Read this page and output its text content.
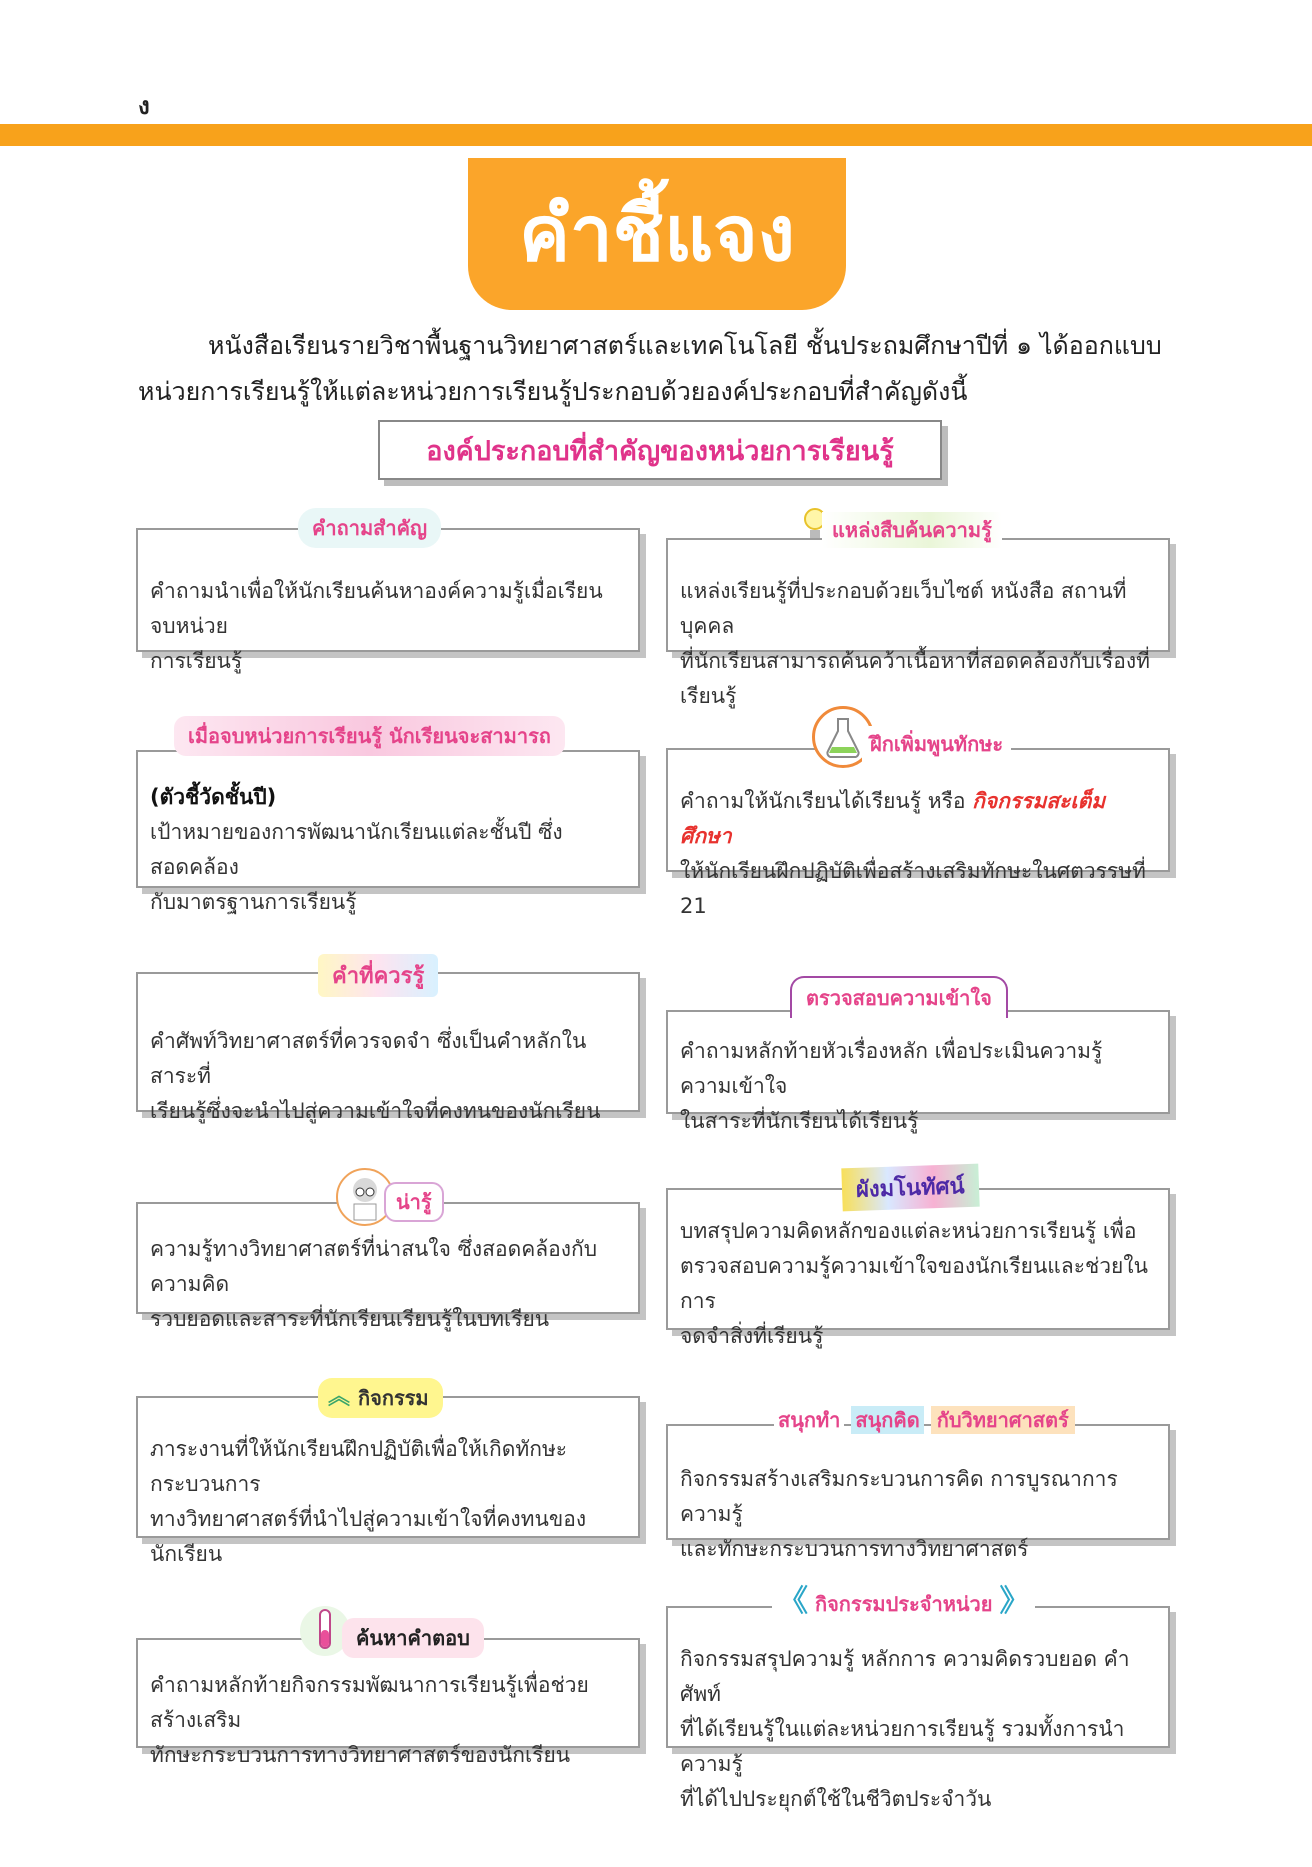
ง
คำชี้แจง
หนังสือเรียนรายวิชาพื้นฐานวิทยาศาสตร์และเทคโนโลยี ชั้นประถมศึกษาปีที่ ๑ ได้ออกแบบ
หน่วยการเรียนรู้ให้แต่ละหน่วยการเรียนรู้ประกอบด้วยองค์ประกอบที่สำคัญดังนี้
องค์ประกอบที่สำคัญของหน่วยการเรียนรู้
คำถามนำเพื่อให้นักเรียนค้นหาองค์ความรู้เมื่อเรียนจบหน่วย
การเรียนรู้
คำถามสำคัญ
(ตัวชี้วัดชั้นปี)
เป้าหมายของการพัฒนานักเรียนแต่ละชั้นปี ซึ่งสอดคล้อง
กับมาตรฐานการเรียนรู้
เมื่อจบหน่วยการเรียนรู้ นักเรียนจะสามารถ
คำศัพท์วิทยาศาสตร์ที่ควรจดจำ ซึ่งเป็นคำหลักในสาระที่
เรียนรู้ซึ่งจะนำไปสู่ความเข้าใจที่คงทนของนักเรียน
คำที่ควรรู้
ความรู้ทางวิทยาศาสตร์ที่น่าสนใจ ซึ่งสอดคล้องกับความคิด
รวบยอดและสาระที่นักเรียนเรียนรู้ในบทเรียน
น่ารู้
ภาระงานที่ให้นักเรียนฝึกปฏิบัติเพื่อให้เกิดทักษะกระบวนการ
ทางวิทยาศาสตร์ที่นำไปสู่ความเข้าใจที่คงทนของนักเรียน
︽ กิจกรรม
คำถามหลักท้ายกิจกรรมพัฒนาการเรียนรู้เพื่อช่วยสร้างเสริม
ทักษะกระบวนการทางวิทยาศาสตร์ของนักเรียน
ค้นหาคำตอบ
แหล่งเรียนรู้ที่ประกอบด้วยเว็บไซต์ หนังสือ สถานที่ บุคคล
ที่นักเรียนสามารถค้นคว้าเนื้อหาที่สอดคล้องกับเรื่องที่เรียนรู้
แหล่งสืบค้นความรู้
คำถามให้นักเรียนได้เรียนรู้ หรือ กิจกรรมสะเต็มศึกษา
ให้นักเรียนฝึกปฏิบัติเพื่อสร้างเสริมทักษะในศตวรรษที่ 21
ฝึกเพิ่มพูนทักษะ
คำถามหลักท้ายหัวเรื่องหลัก เพื่อประเมินความรู้ ความเข้าใจ
ในสาระที่นักเรียนได้เรียนรู้
ตรวจสอบความเข้าใจ
บทสรุปความคิดหลักของแต่ละหน่วยการเรียนรู้ เพื่อ
ตรวจสอบความรู้ความเข้าใจของนักเรียนและช่วยในการ
จดจำสิ่งที่เรียนรู้
ผังมโนทัศน์
กิจกรรมสร้างเสริมกระบวนการคิด การบูรณาการความรู้
และทักษะกระบวนการทางวิทยาศาสตร์
สนุกทำ สนุกคิด กับวิทยาศาสตร์
กิจกรรมสรุปความรู้ หลักการ ความคิดรวบยอด คำศัพท์
ที่ได้เรียนรู้ในแต่ละหน่วยการเรียนรู้ รวมทั้งการนำความรู้
ที่ได้ไปประยุกต์ใช้ในชีวิตประจำวัน
《 กิจกรรมประจำหน่วย 》
